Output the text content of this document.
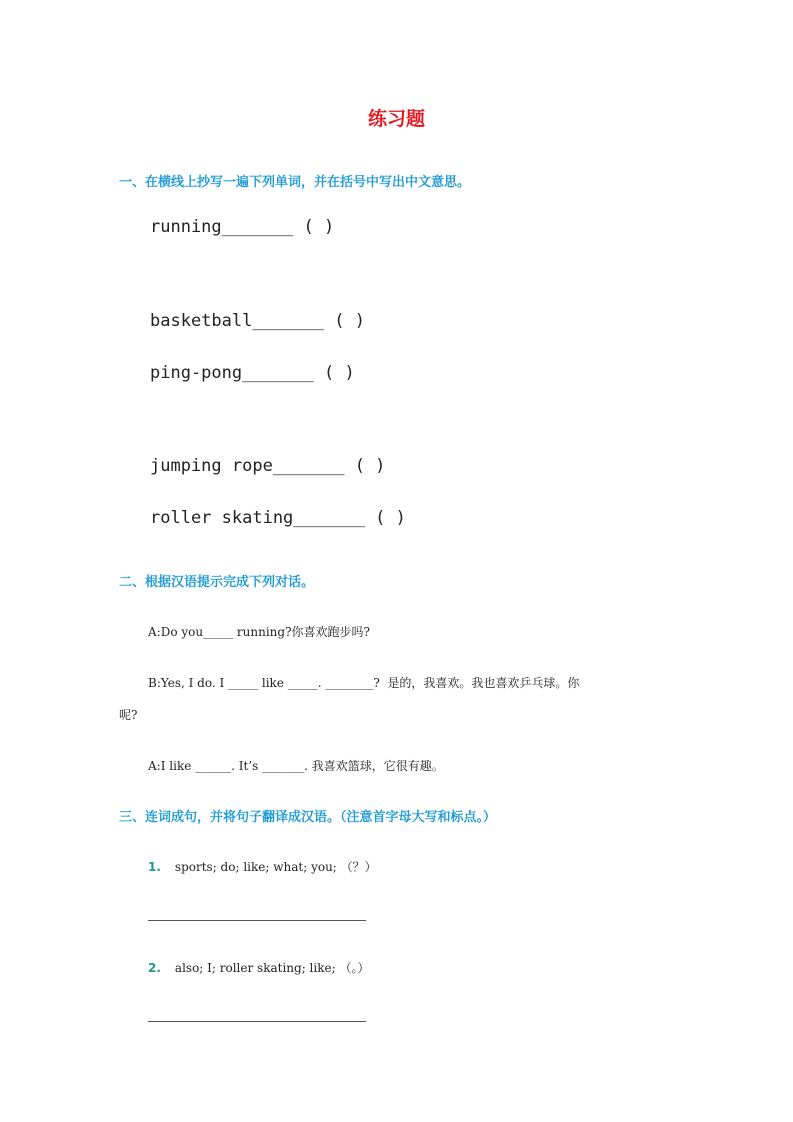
练习题
一、在横线上抄写一遍下列单词，并在括号中写出中文意思。
running_______ ( )
basketball_______ ( )
ping-pong_______ ( )
jumping rope_______ ( )
roller skating_______ ( )
二、根据汉语提示完成下列对话。
A:Do you_____ running?你喜欢跑步吗?
B:Yes, I do. I _____ like _____. ________?  是的，我喜欢。我也喜欢乒乓球。你
呢?
A:I like ______. It’s _______. 我喜欢篮球，它很有趣。
三、连词成句，并将句子翻译成汉语。（注意首字母大写和标点。）
1. sports; do; like; what; you; （？）
2. also; I; roller skating; like; （。）
